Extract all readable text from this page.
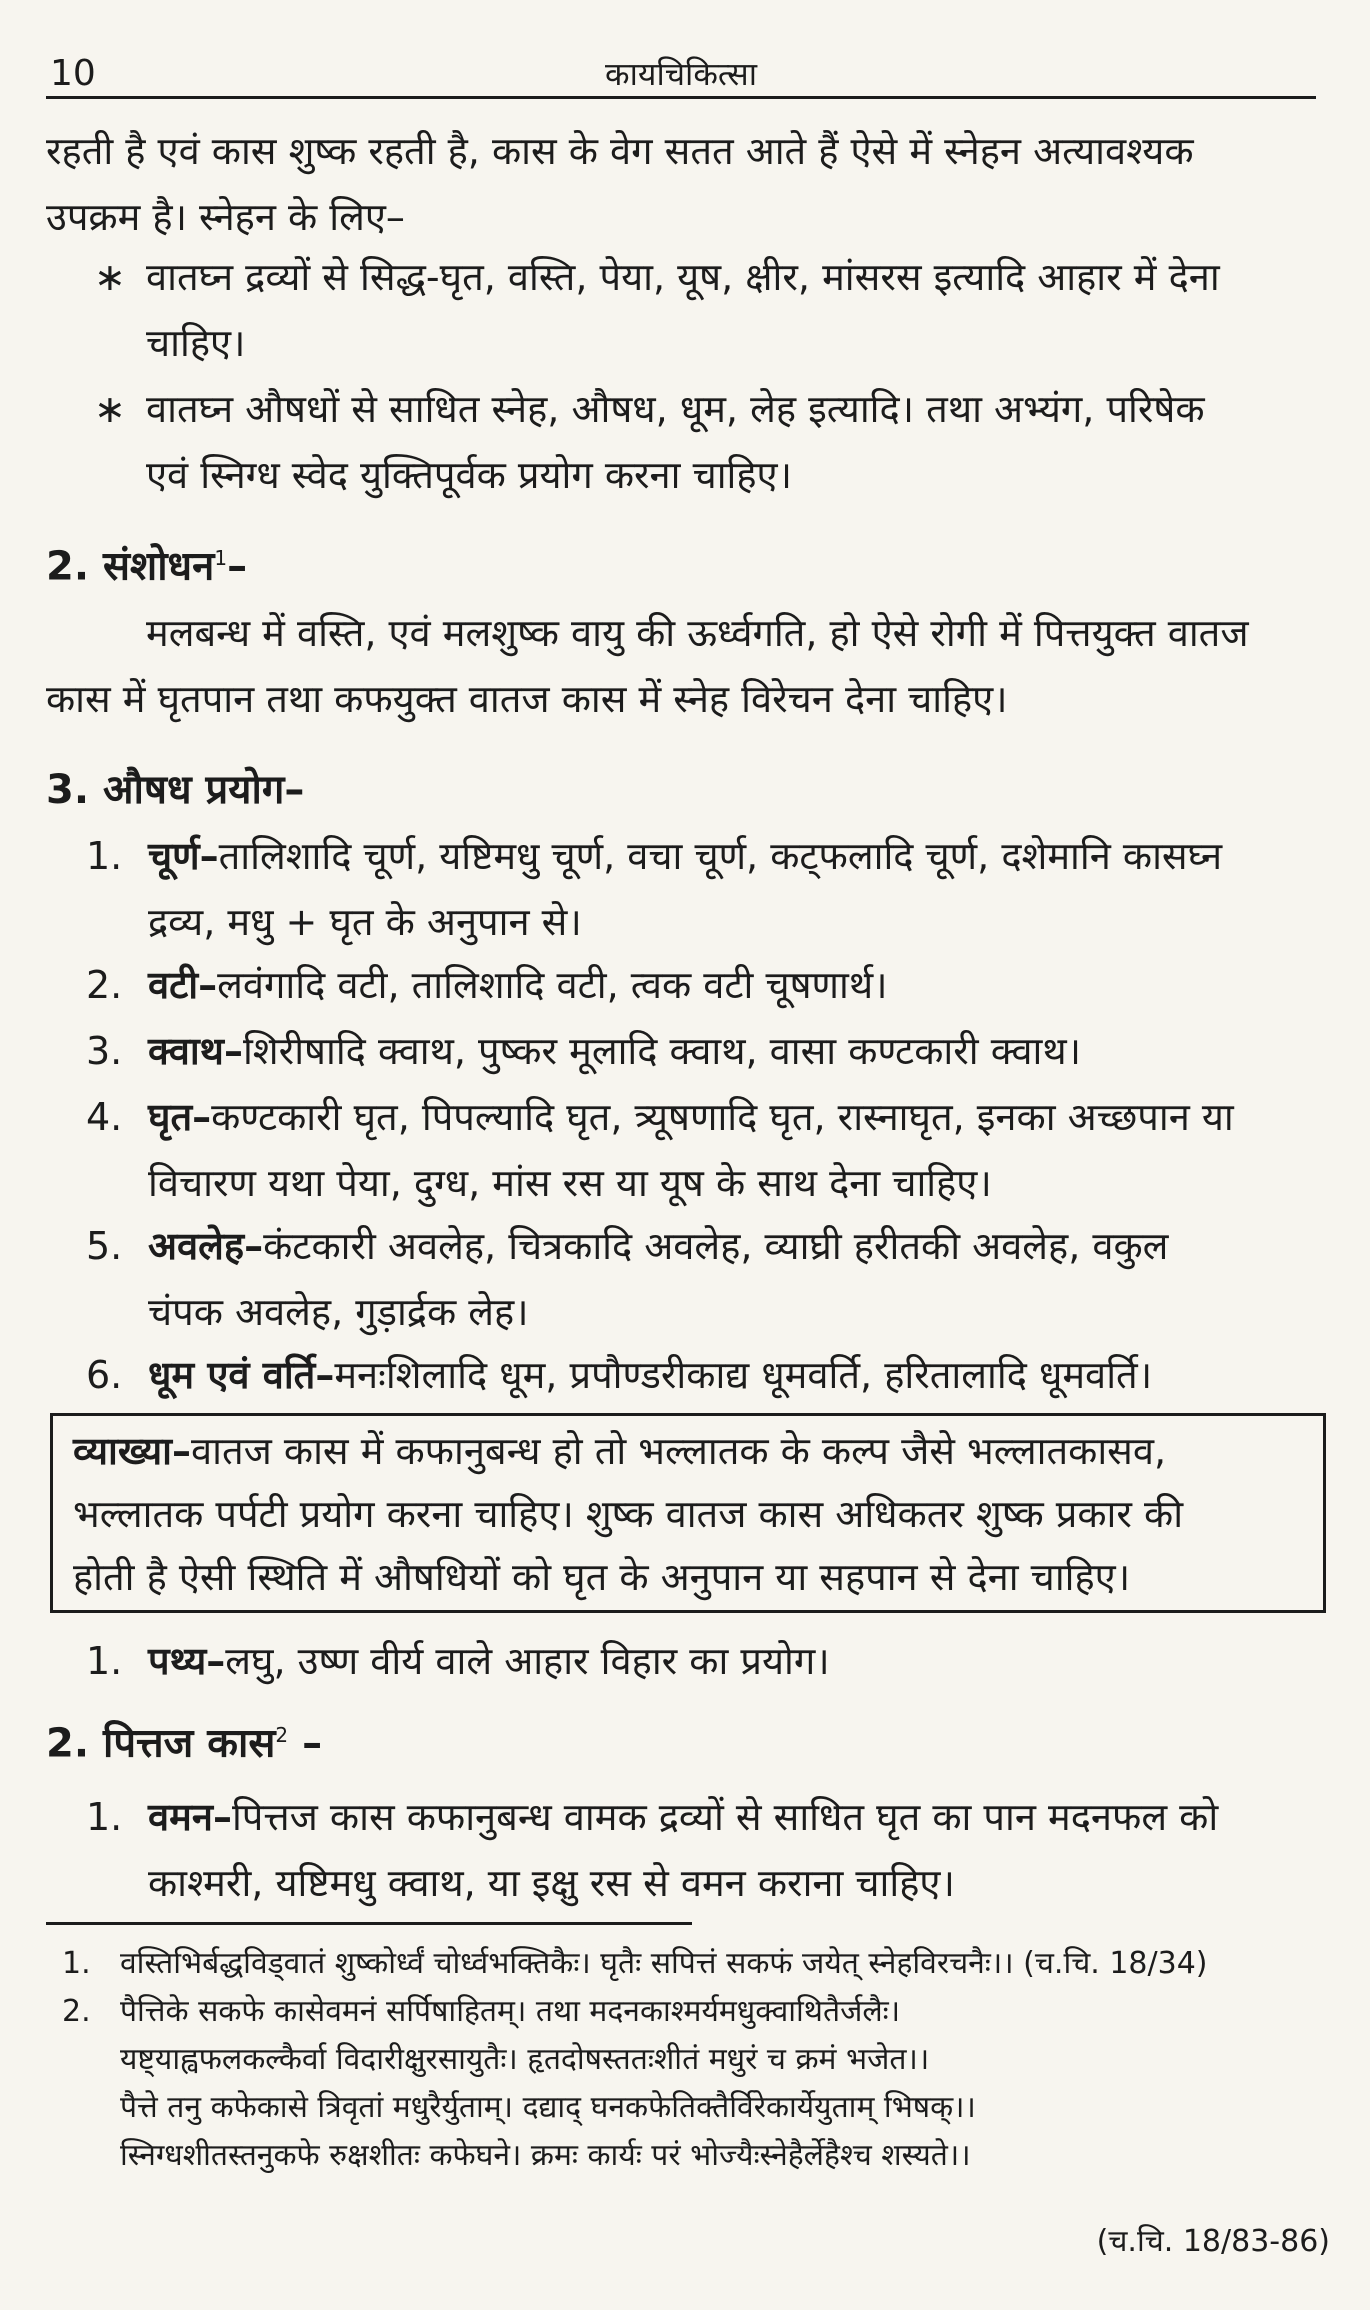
10	कायचिकित्सा

रहती है एवं कास शुष्क रहती है, कास के वेग सतत आते हैं ऐसे में स्नेहन अत्यावश्यक

उपक्रम है। स्नेहन के लिए–

∗ वातघ्न द्रव्यों से सिद्ध-घृत, वस्ति, पेया, यूष, क्षीर, मांसरस इत्यादि आहार में देना
चाहिए।
∗ वातघ्न औषधों से साधित स्नेह, औषध, धूम, लेह इत्यादि। तथा अभ्यंग, परिषेक
एवं स्निग्ध स्वेद युक्तिपूर्वक प्रयोग करना चाहिए।
2. संशोधन$^1$–

मलबन्ध में वस्ति, एवं मलशुष्क वायु की ऊर्ध्वगति, हो ऐसे रोगी में पित्तयुक्त वातज

कास में घृतपान तथा कफयुक्त वातज कास में स्नेह विरेचन देना चाहिए।

3. औषध प्रयोग–
1. चूर्ण–तालिशादि चूर्ण, यष्टिमधु चूर्ण, वचा चूर्ण, कट्फलादि चूर्ण, दशेमानि कासघ्न
द्रव्य, मधु + घृत के अनुपान से।
2. वटी–लवंगादि वटी, तालिशादि वटी, त्वक वटी चूषणार्थ।
3. क्वाथ–शिरीषादि क्वाथ, पुष्कर मूलादि क्वाथ, वासा कण्टकारी क्वाथ।
4. घृत–कण्टकारी घृत, पिपल्यादि घृत, त्र्यूषणादि घृत, रास्नाघृत, इनका अच्छपान या
विचारण यथा पेया, दुग्ध, मांस रस या यूष के साथ देना चाहिए।
5. अवलेह–कंटकारी अवलेह, चित्रकादि अवलेह, व्याघ्री हरीतकी अवलेह, वकुल
चंपक अवलेह, गुड़ार्द्रक लेह।
6. धूम एवं वर्ति–मनःशिलादि धूम, प्रपौण्डरीकाद्य धूमवर्ति, हरितालादि धूमवर्ति।
व्याख्या–वातज कास में कफानुबन्ध हो तो भल्लातक के कल्प जैसे भल्लातकासव,
भल्लातक पर्पटी प्रयोग करना चाहिए। शुष्क वातज कास अधिकतर शुष्क प्रकार की
होती है ऐसी स्थिति में औषधियों को घृत के अनुपान या सहपान से देना चाहिए।
1. पथ्य–लघु, उष्ण वीर्य वाले आहार विहार का प्रयोग।
2. पित्तज कास$^2$ –
1. वमन–पित्तज कास कफानुबन्ध वामक द्रव्यों से साधित घृत का पान मदनफल को
काश्मरी, यष्टिमधु क्वाथ, या इक्षु रस से वमन कराना चाहिए।
1. वस्तिभिर्बद्धविड्वातं शुष्कोर्ध्वं चोर्ध्वभक्तिकैः। घृतैः सपित्तं सकफं जयेत् स्नेहविरचनैः।। (च.चि. 18/34)
2. पैत्तिके सकफे कासेवमनं सर्पिषाहितम्। तथा मदनकाश्मर्यमधुक्वाथितैर्जलैः।
यष्ट्याह्वफलकल्कैर्वा विदारीक्षुरसायुतैः। हृतदोषस्ततःशीतं मधुरं च क्रमं भजेत।।
पैत्ते तनु कफेकासे त्रिवृतां मधुरैर्युताम्। दद्याद् घनकफेतिक्तैर्विरेकार्येयुताम् भिषक्।।
स्निग्धशीतस्तनुकफे रुक्षशीतः कफेघने। क्रमः कार्यः परं भोज्यैःस्नेहैर्लेहैश्च शस्यते।।
(च.चि. 18/83-86)
